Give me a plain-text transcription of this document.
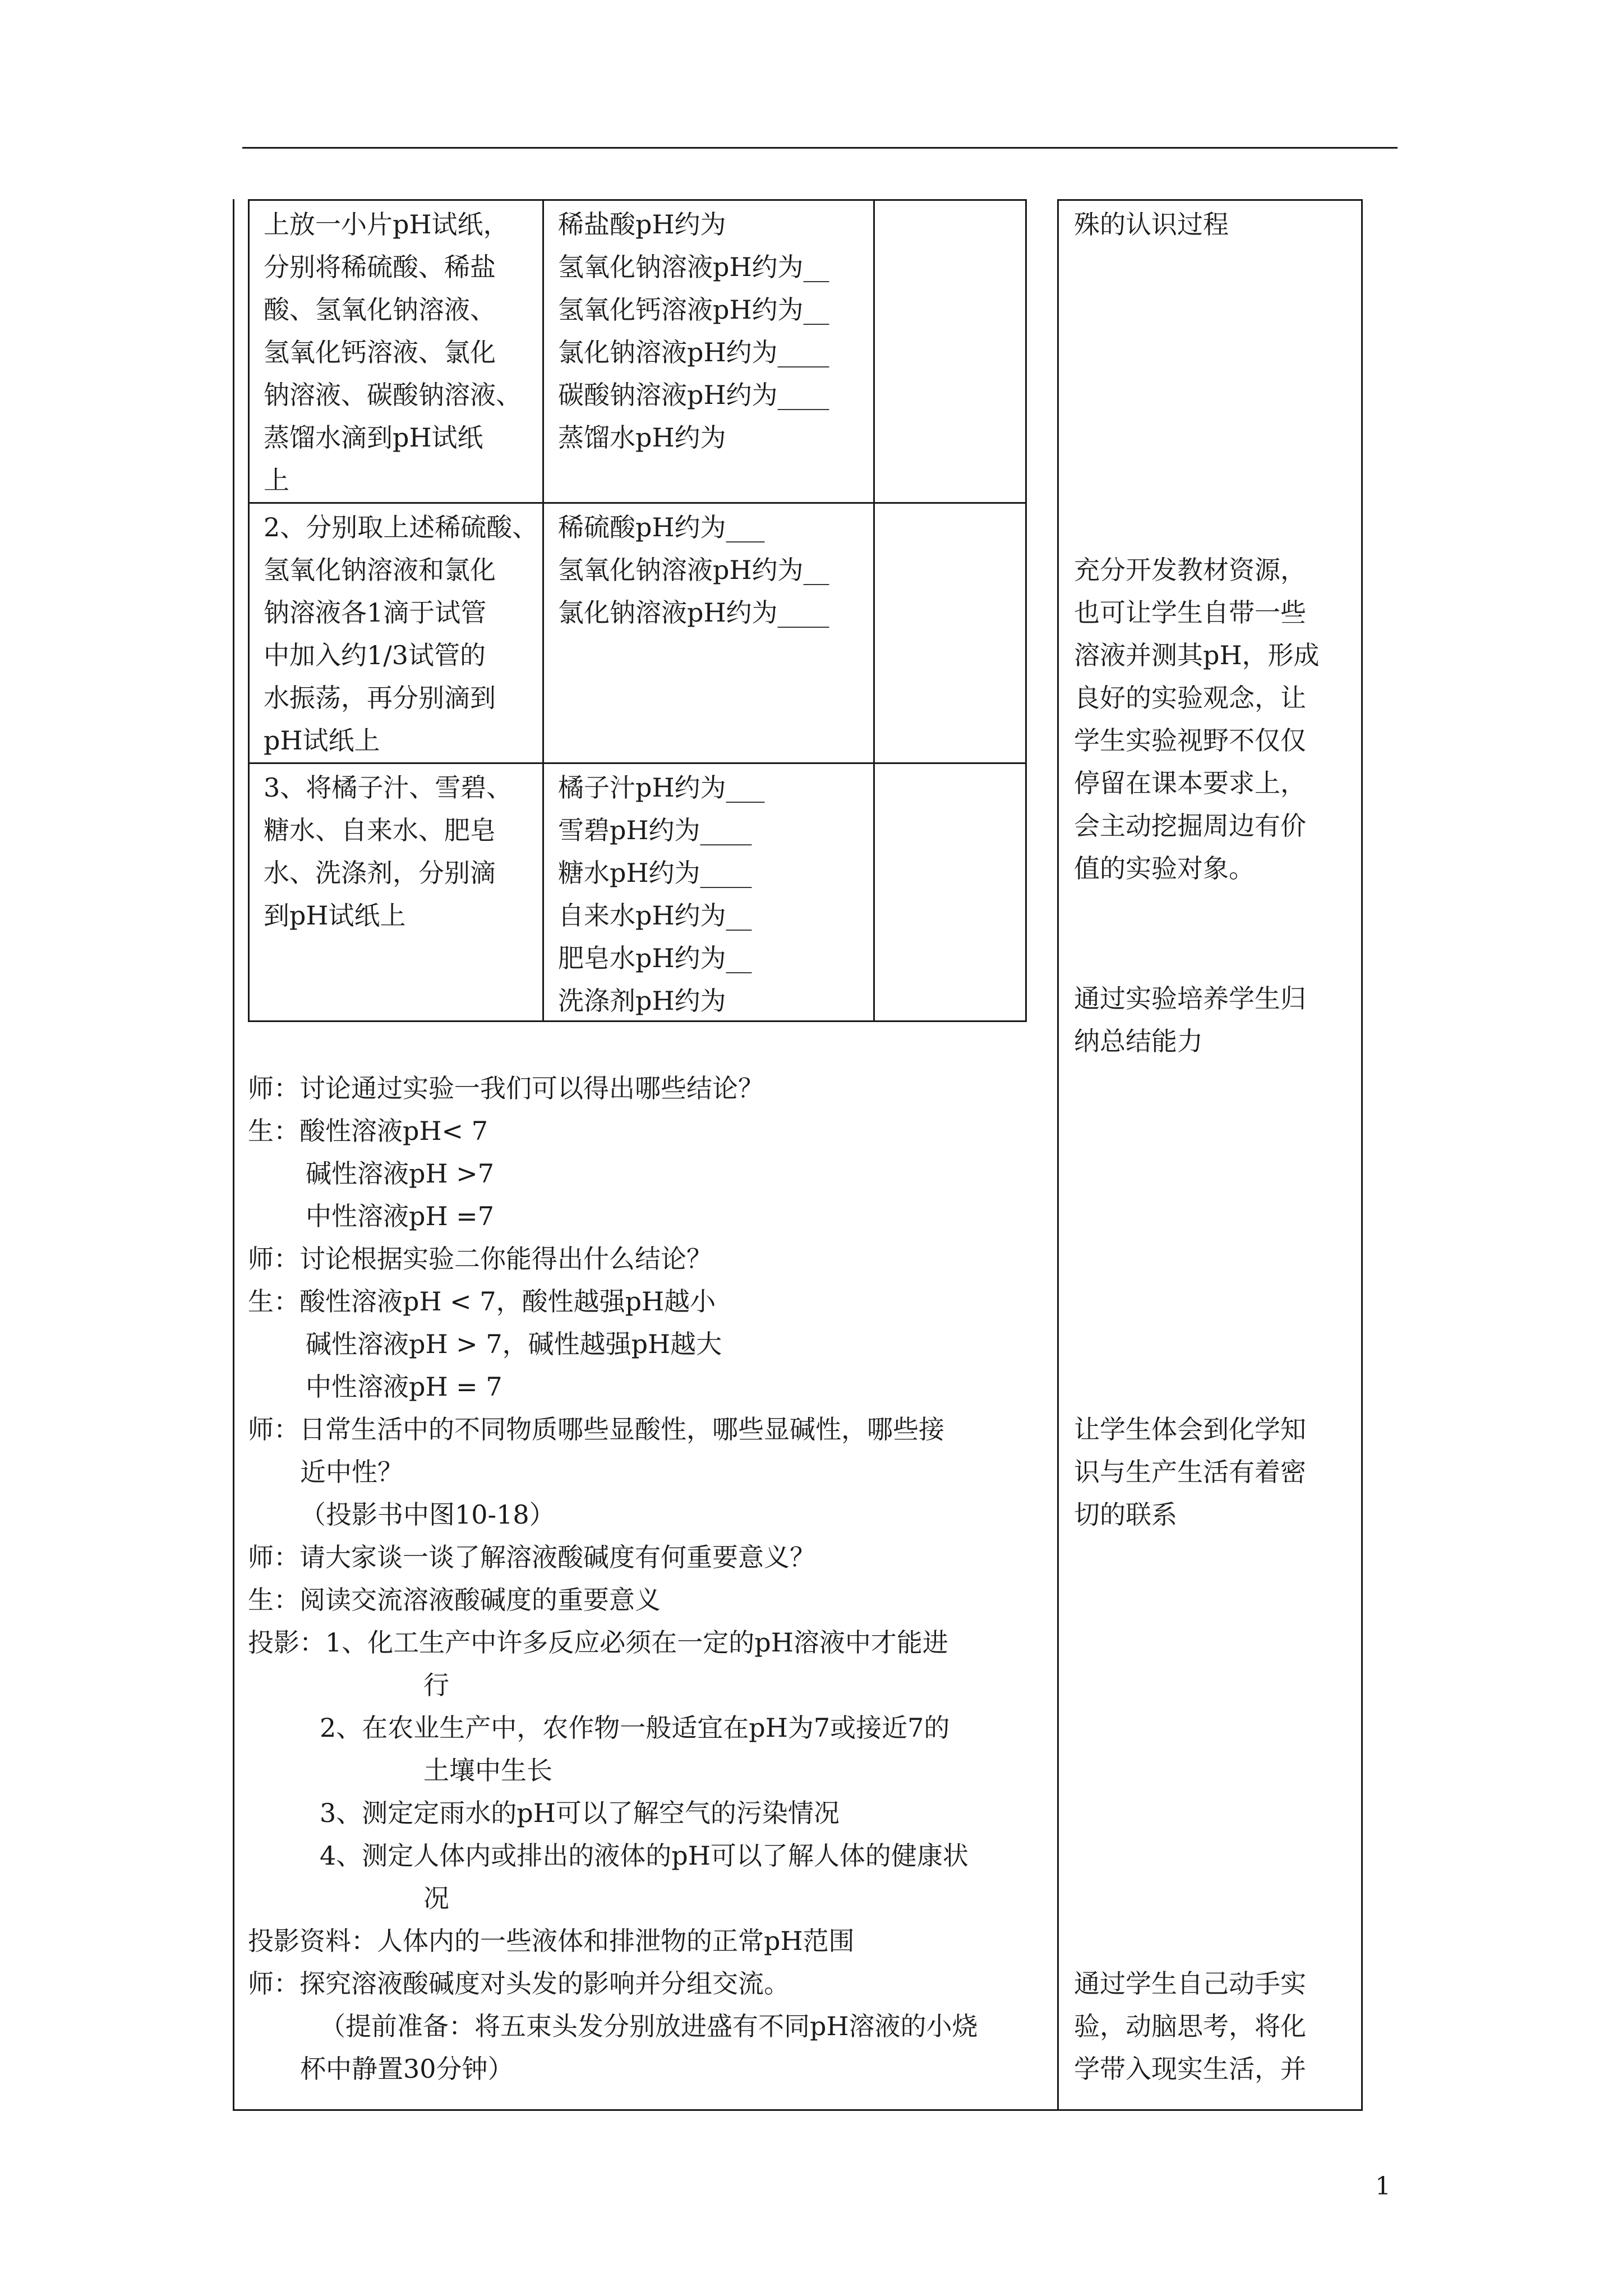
上放一小片pH试纸，
分别将稀硫酸、稀盐
酸、氢氧化钠溶液、
氢氧化钙溶液、氯化
钠溶液、碳酸钠溶液、
蒸馏水滴到pH试纸
上
稀盐酸pH约为
氢氧化钠溶液pH约为__
氢氧化钙溶液pH约为__
氯化钠溶液pH约为____
碳酸钠溶液pH约为____
蒸馏水pH约为
2、分别取上述稀硫酸、
氢氧化钠溶液和氯化
钠溶液各1滴于试管
中加入约1/3试管的
水振荡，再分别滴到
pH试纸上
稀硫酸pH约为___
氢氧化钠溶液pH约为__
氯化钠溶液pH约为____
3、将橘子汁、雪碧、
糖水、自来水、肥皂
水、洗涤剂，分别滴
到pH试纸上
橘子汁pH约为___
雪碧pH约为____
糖水pH约为____
自来水pH约为__
肥皂水pH约为__
洗涤剂pH约为
师：讨论通过实验一我们可以得出哪些结论？
生：酸性溶液pH< 7
碱性溶液pH >7
中性溶液pH =7
师：讨论根据实验二你能得出什么结论？
生：酸性溶液pH < 7，酸性越强pH越小
碱性溶液pH > 7，碱性越强pH越大
中性溶液pH = 7
师：日常生活中的不同物质哪些显酸性，哪些显碱性，哪些接
近中性？
（投影书中图10-18）
师：请大家谈一谈了解溶液酸碱度有何重要意义？
生：阅读交流溶液酸碱度的重要意义
投影：1、化工生产中许多反应必须在一定的pH溶液中才能进
行
2、在农业生产中，农作物一般适宜在pH为7或接近7的
土壤中生长
3、测定定雨水的pH可以了解空气的污染情况
4、测定人体内或排出的液体的pH可以了解人体的健康状
况
投影资料：人体内的一些液体和排泄物的正常pH范围
师：探究溶液酸碱度对头发的影响并分组交流。
（提前准备：将五束头发分别放进盛有不同pH溶液的小烧
杯中静置30分钟）
殊的认识过程
充分开发教材资源，
也可让学生自带一些
溶液并测其pH，形成
良好的实验观念，让
学生实验视野不仅仅
停留在课本要求上，
会主动挖掘周边有价
值的实验对象。
通过实验培养学生归
纳总结能力
让学生体会到化学知
识与生产生活有着密
切的联系
通过学生自己动手实
验，动脑思考，将化
学带入现实生活，并
1
